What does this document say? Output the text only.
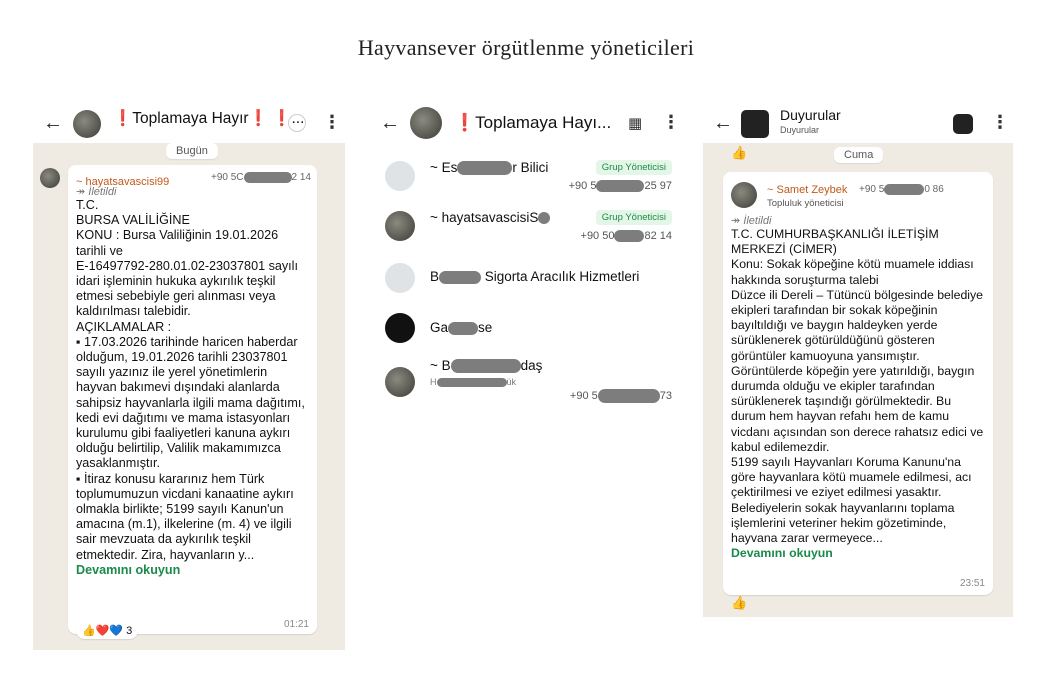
Hayvansever örgütlenme yöneticileri
←	❗Toplamaya Hayır❗ ❗... ⋮
Bugün
~ hayatsavascisi99	+90 5C	2 14
↠ İletildi
T.C.
BURSA VALİLİĞİNE
KONU : Bursa Valiliğinin 19.01.2026 tarihli ve
E-16497792-280.01.02-23037801 sayılı idari işleminin hukuka aykırılık teşkil etmesi sebebiyle geri alınması veya kaldırılması talebidir.
AÇIKLAMALAR :
▪ 17.03.2026 tarihinde haricen haberdar olduğum, 19.01.2026 tarihli 23037801 sayılı yazınız ile yerel yönetimlerin hayvan bakımevi dışındaki alanlarda sahipsiz hayvanlarla ilgili mama dağıtımı, kedi evi dağıtımı ve mama istasyonları kurulumu gibi faaliyetleri kanuna aykırı olduğu belirtilip, Valilik makamımızca yasaklanmıştır.
▪ İtiraz konusu kararınız hem Türk toplumumuzun vicdani kanaatine aykırı olmakla birlikte; 5199 sayılı Kanun'un amacına (m.1), ilkelerine (m. 4) ve ilgili sair mevzuata da aykırılık teşkil etmektedir. Zira, hayvanların y...
Devamını okuyun
01:21
👍❤️💙 3
←	❗Toplamaya Hayı... ▦ ⋮
~ Es	r Bilici	Grup Yöneticisi
+90 5	25 97
~ hayatsavascisiS	Grup Yöneticisi
+90 50	82 14
B	Sigorta Aracılık Hizmetleri
Ga se
~ B	daş
H	ük
+90 5	73
←	Duyurular
Duyurular	⋮
👍	Cuma
~ Samet Zeybek +90 5	0 86
Topluluk yöneticisi
↠ İletildi
T.C. CUMHURBAŞKANLIĞI İLETİŞİM MERKEZİ (CİMER)
Konu: Sokak köpeğine kötü muamele iddiası hakkında soruşturma talebi
Düzce ili Dereli – Tütüncü bölgesinde belediye ekipleri tarafından bir sokak köpeğinin bayıltıldığı ve baygın haldeyken yerde sürüklenerek götürüldüğünü gösteren görüntüler kamuoyuna yansımıştır. Görüntülerde köpeğin yere yatırıldığı, baygın durumda olduğu ve ekipler tarafından sürüklenerek taşındığı görülmektedir. Bu durum hem hayvan refahı hem de kamu vicdanı açısından son derece rahatsız edici ve kabul edilemezdir.
5199 sayılı Hayvanları Koruma Kanunu'na göre hayvanlara kötü muamele edilmesi, acı çektirilmesi ve eziyet edilmesi yasaktır. Belediyelerin sokak hayvanlarını toplama işlemlerini veteriner hekim gözetiminde, hayvana zarar vermeyece...
Devamını okuyun
23:51
👍
